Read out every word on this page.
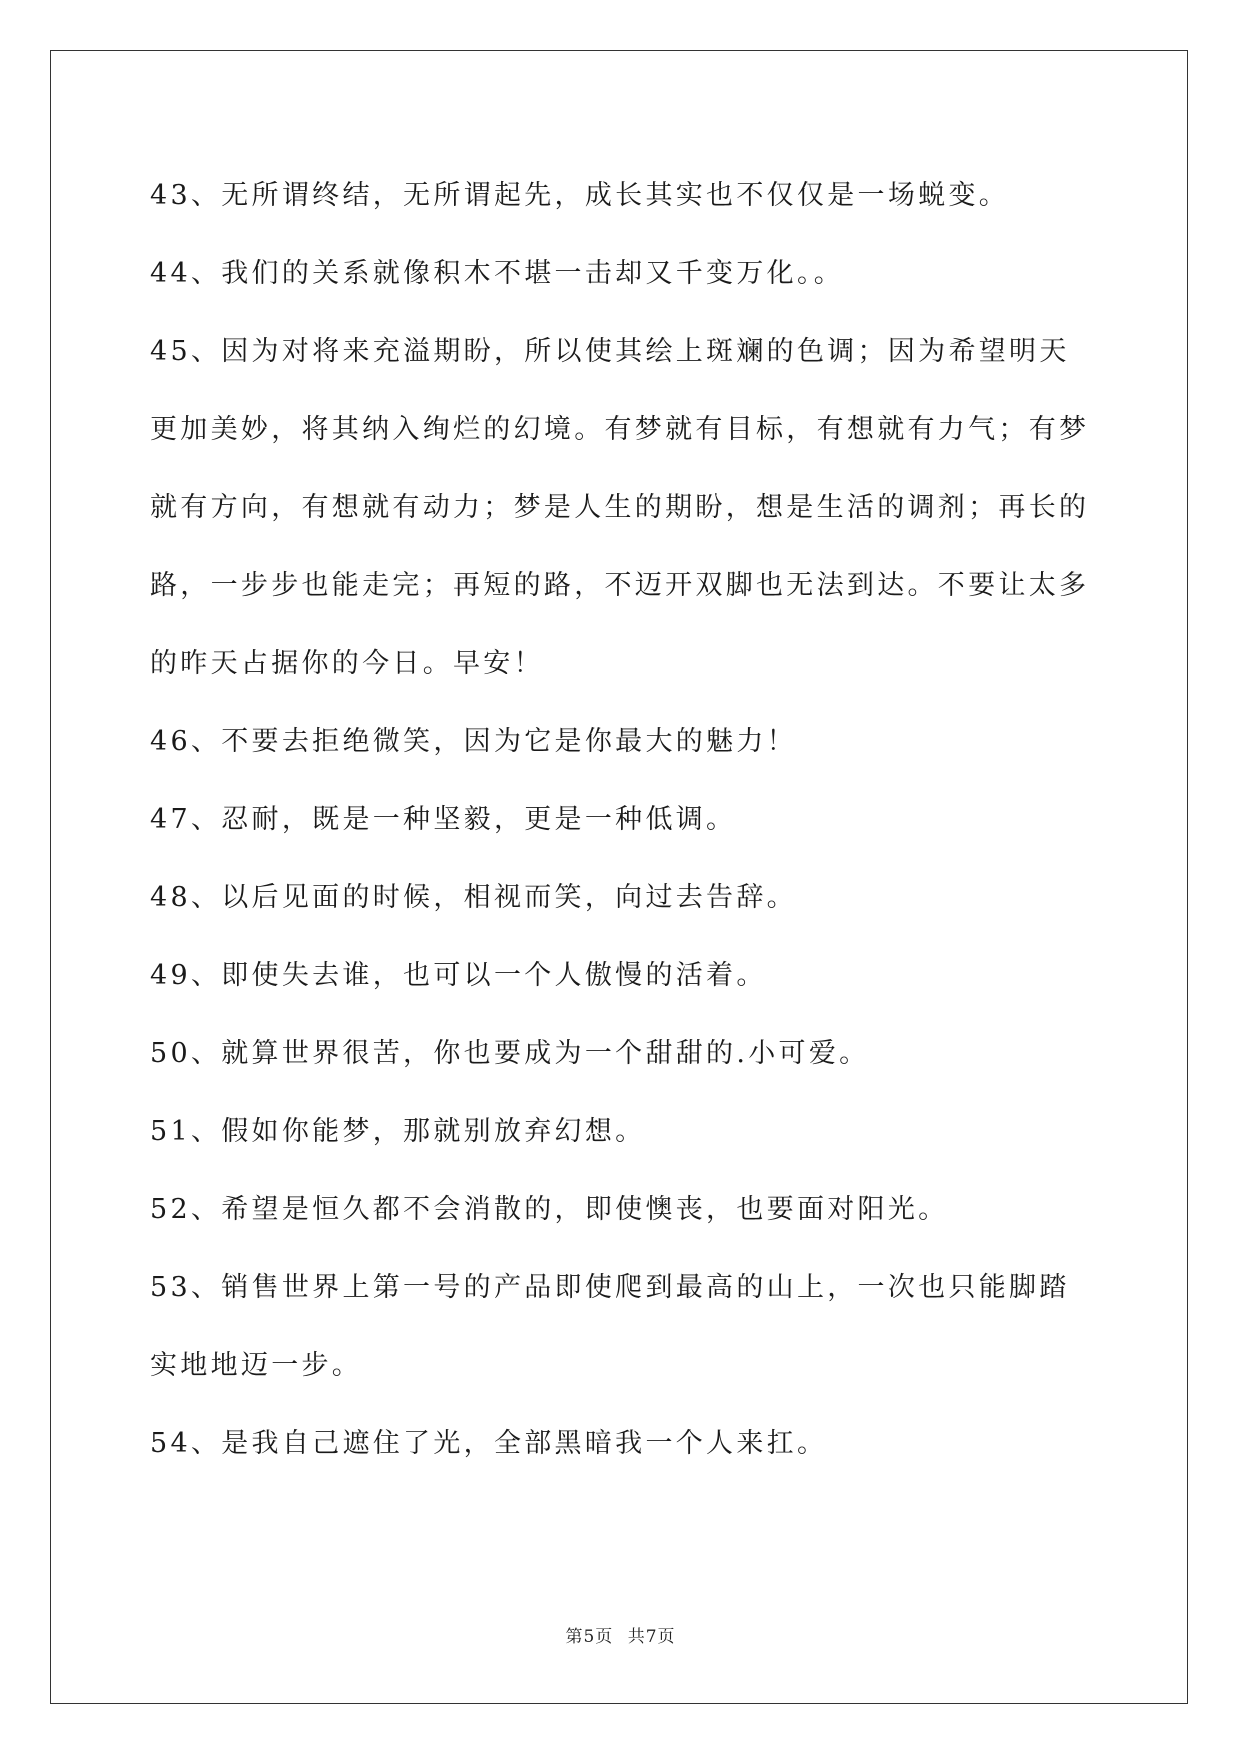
43、无所谓终结，无所谓起先，成长其实也不仅仅是一场蜕变。

44、我们的关系就像积木不堪一击却又千变万化。。

45、因为对将来充溢期盼，所以使其绘上斑斓的色调；因为希望明天更加美妙，将其纳入绚烂的幻境。有梦就有目标，有想就有力气；有梦就有方向，有想就有动力；梦是人生的期盼，想是生活的调剂；再长的路，一步步也能走完；再短的路，不迈开双脚也无法到达。不要让太多的昨天占据你的今日。早安！

46、不要去拒绝微笑，因为它是你最大的魅力！

47、忍耐，既是一种坚毅，更是一种低调。

48、以后见面的时候，相视而笑，向过去告辞。

49、即使失去谁，也可以一个人傲慢的活着。

50、就算世界很苦，你也要成为一个甜甜的.小可爱。

51、假如你能梦，那就别放弃幻想。

52、希望是恒久都不会消散的，即使懊丧，也要面对阳光。

53、销售世界上第一号的产品即使爬到最高的山上，一次也只能脚踏实地地迈一步。

54、是我自己遮住了光，全部黑暗我一个人来扛。

第5页 共7页
